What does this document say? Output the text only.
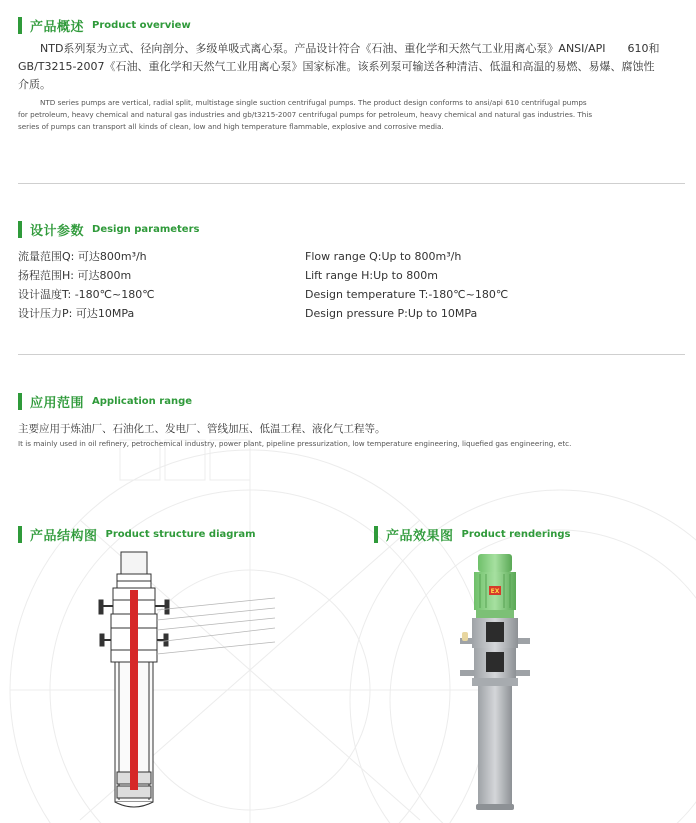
产品概述 Product overview
NTD系列泵为立式、径向剖分、多级单吸式离心泵。产品设计符合《石油、重化学和天然气工业用离心泵》ANSI/API　　610和
GB/T3215-2007《石油、重化学和天然气工业用离心泵》国家标准。该系列泵可输送各种清洁、低温和高温的易燃、易爆、腐蚀性
介质。
NTD series pumps are vertical, radial split, multistage single suction centrifugal pumps. The product design conforms to ansi/api 610 centrifugal pumps
for petroleum, heavy chemical and natural gas industries and gb/t3215-2007 centrifugal pumps for petroleum, heavy chemical and natural gas industries. This
series of pumps can transport all kinds of clean, low and high temperature flammable, explosive and corrosive media.
设计参数 Design parameters
流量范围Q: 可达800m³/h
扬程范围H: 可达800m
设计温度T: -180℃~180℃
设计压力P: 可达10MPa
Flow range Q:Up to 800m³/h
Lift range H:Up to 800m
Design temperature T:-180℃~180℃
Design pressure P:Up to 10MPa
应用范围 Application range
主要应用于炼油厂、石油化工、发电厂、管线加压、低温工程、液化气工程等。
It is mainly used in oil refinery, petrochemical industry, power plant, pipeline pressurization, low temperature engineering, liquefied gas engineering, etc.
产品结构图 Product structure diagram	产品效果图 Product renderings
EX
